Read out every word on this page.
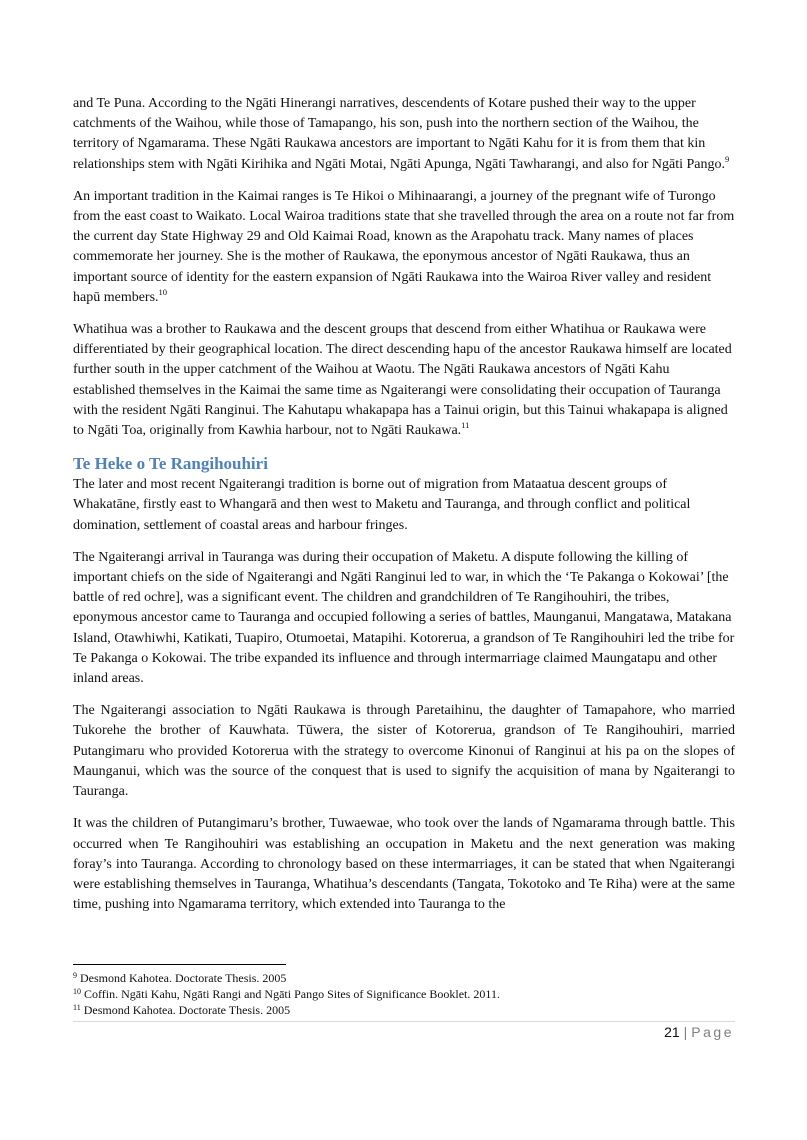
and Te Puna. According to the Ngāti Hinerangi narratives, descendents of Kotare pushed their way to the upper catchments of the Waihou, while those of Tamapango, his son, push into the northern section of the Waihou, the territory of Ngamarama. These Ngāti Raukawa ancestors are important to Ngāti Kahu for it is from them that kin relationships stem with Ngāti Kirihika and Ngāti Motai, Ngāti Apunga, Ngāti Tawharangi, and also for Ngāti Pango.$^9$

An important tradition in the Kaimai ranges is Te Hikoi o Mihinaarangi, a journey of the pregnant wife of Turongo from the east coast to Waikato. Local Wairoa traditions state that she travelled through the area on a route not far from the current day State Highway 29 and Old Kaimai Road, known as the Arapohatu track. Many names of places commemorate her journey. She is the mother of Raukawa, the eponymous ancestor of Ngāti Raukawa, thus an important source of identity for the eastern expansion of Ngāti Raukawa into the Wairoa River valley and resident hapū members.$^{10}$

Whatihua was a brother to Raukawa and the descent groups that descend from either Whatihua or Raukawa were differentiated by their geographical location. The direct descending hapu of the ancestor Raukawa himself are located further south in the upper catchment of the Waihou at Waotu. The Ngāti Raukawa ancestors of Ngāti Kahu established themselves in the Kaimai the same time as Ngaiterangi were consolidating their occupation of Tauranga with the resident Ngāti Ranginui. The Kahutapu whakapapa has a Tainui origin, but this Tainui whakapapa is aligned to Ngāti Toa, originally from Kawhia harbour, not to Ngāti Raukawa.$^{11}$

Te Heke o Te Rangihouhiri

The later and most recent Ngaiterangi tradition is borne out of migration from Mataatua descent groups of Whakatāne, firstly east to Whangarā and then west to Maketu and Tauranga, and through conflict and political domination, settlement of coastal areas and harbour fringes.

The Ngaiterangi arrival in Tauranga was during their occupation of Maketu. A dispute following the killing of important chiefs on the side of Ngaiterangi and Ngāti Ranginui led to war, in which the ‘Te Pakanga o Kokowai’ [the battle of red ochre], was a significant event. The children and grandchildren of Te Rangihouhiri, the tribes, eponymous ancestor came to Tauranga and occupied following a series of battles, Maunganui, Mangatawa, Matakana Island, Otawhiwhi, Katikati, Tuapiro, Otumoetai, Matapihi. Kotorerua, a grandson of Te Rangihouhiri led the tribe for Te Pakanga o Kokowai. The tribe expanded its influence and through intermarriage claimed Maungatapu and other inland areas.

The Ngaiterangi association to Ngāti Raukawa is through Paretaihinu, the daughter of Tamapahore, who married Tukorehe the brother of Kauwhata. Tūwera, the sister of Kotorerua, grandson of Te Rangihouhiri, married Putangimaru who provided Kotorerua with the strategy to overcome Kinonui of Ranginui at his pa on the slopes of Maunganui, which was the source of the conquest that is used to signify the acquisition of mana by Ngaiterangi to Tauranga.

It was the children of Putangimaru’s brother, Tuwaewae, who took over the lands of Ngamarama through battle. This occurred when Te Rangihouhiri was establishing an occupation in Maketu and the next generation was making foray’s into Tauranga. According to chronology based on these intermarriages, it can be stated that when Ngaiterangi were establishing themselves in Tauranga, Whatihua’s descendants (Tangata, Tokotoko and Te Riha) were at the same time, pushing into Ngamarama territory, which extended into Tauranga to the

$^9$ Desmond Kahotea. Doctorate Thesis. 2005
$^{10}$ Coffin. Ngāti Kahu, Ngāti Rangi and Ngāti Pango Sites of Significance Booklet. 2011.
$^{11}$ Desmond Kahotea. Doctorate Thesis. 2005
21 | Page
